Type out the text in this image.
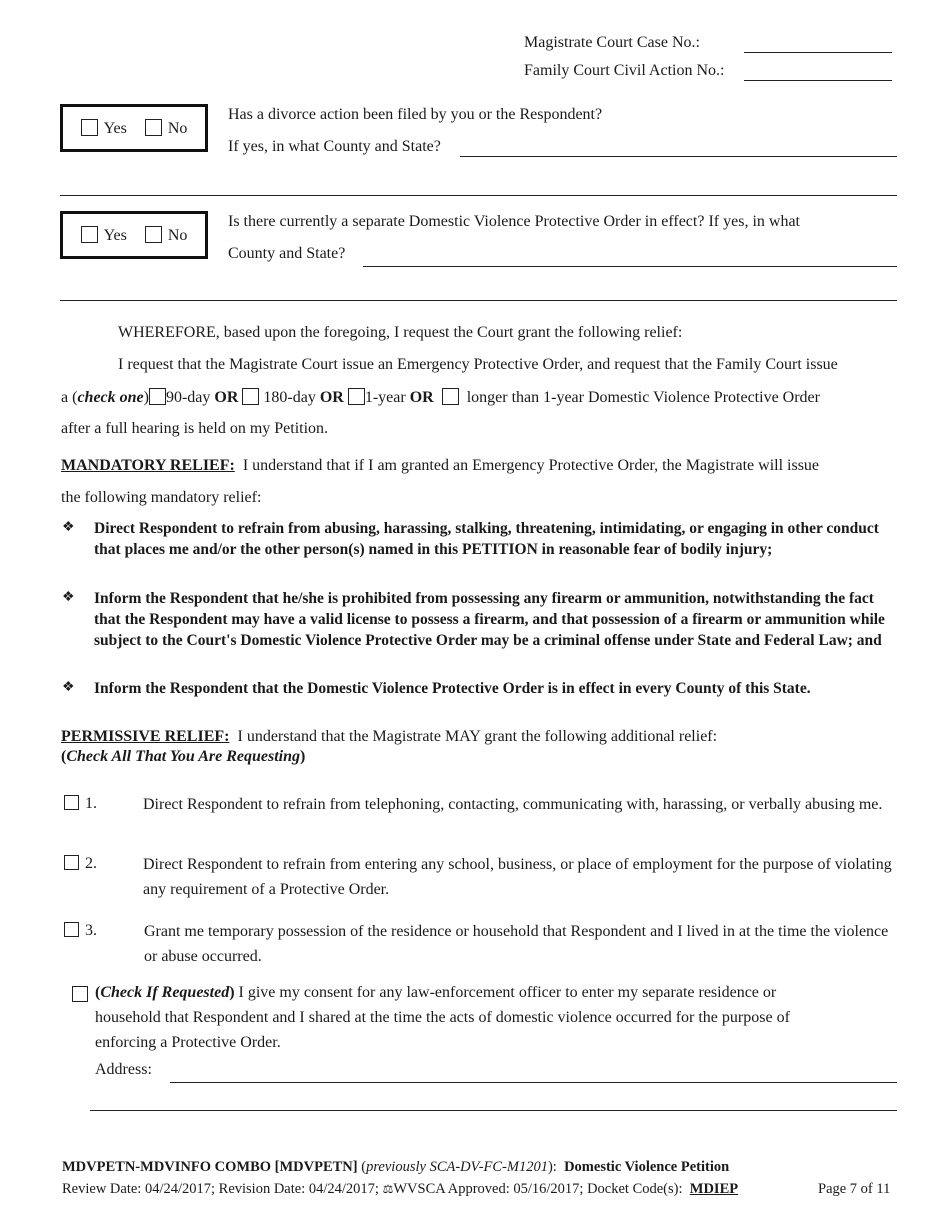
Magistrate Court Case No.:
Family Court Civil Action No.:
Yes	No
Has a divorce action been filed by you or the Respondent?
If yes, in what County and State?
Yes	No
Is there currently a separate Domestic Violence Protective Order in effect? If yes, in what
County and State?
WHEREFORE, based upon the foregoing, I request the Court grant the following relief:
I request that the Magistrate Court issue an Emergency Protective Order, and request that the Family Court issue
a (check one) 90-day OR 180-day OR 1-year OR longer than 1-year Domestic Violence Protective Order
after a full hearing is held on my Petition.
MANDATORY RELIEF: I understand that if I am granted an Emergency Protective Order, the Magistrate will issue
the following mandatory relief:
❖ Direct Respondent to refrain from abusing, harassing, stalking, threatening, intimidating, or engaging in other conduct that places me and/or the other person(s) named in this PETITION in reasonable fear of bodily injury;
❖ Inform the Respondent that he/she is prohibited from possessing any firearm or ammunition, notwithstanding the fact that the Respondent may have a valid license to possess a firearm, and that possession of a firearm or ammunition while subject to the Court's Domestic Violence Protective Order may be a criminal offense under State and Federal Law; and
❖ Inform the Respondent that the Domestic Violence Protective Order is in effect in every County of this State.
PERMISSIVE RELIEF: I understand that the Magistrate MAY grant the following additional relief:
(Check All That You Are Requesting)
1.	Direct Respondent to refrain from telephoning, contacting, communicating with, harassing, or verbally abusing me.
2.	Direct Respondent to refrain from entering any school, business, or place of employment for the purpose of violating any requirement of a Protective Order.
3.	Grant me temporary possession of the residence or household that Respondent and I lived in at the time the violence or abuse occurred.
(Check If Requested) I give my consent for any law-enforcement officer to enter my separate residence or
household that Respondent and I shared at the time the acts of domestic violence occurred for the purpose of
enforcing a Protective Order.
Address:
MDVPETN-MDVINFO COMBO [MDVPETN] (previously SCA-DV-FC-M1201): Domestic Violence Petition
Review Date: 04/24/2017; Revision Date: 04/24/2017; ⚖WVSCA Approved: 05/16/2017; Docket Code(s): MDIEP	Page 7 of 11
